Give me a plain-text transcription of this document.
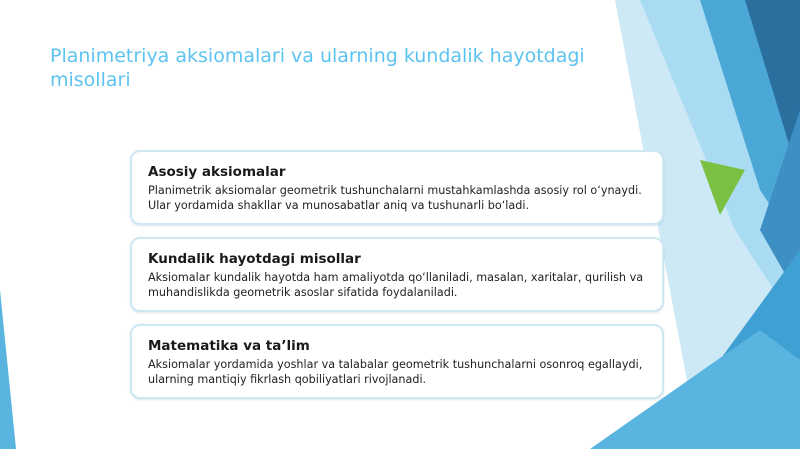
Planimetriya aksiomalari va ularning kundalik hayotdagi misollari
Asosiy aksiomalar
Planimetrik aksiomalar geometrik tushunchalarni mustahkamlashda asosiy rol o‘ynaydi. Ular yordamida shakllar va munosabatlar aniq va tushunarli bo‘ladi.
Kundalik hayotdagi misollar
Aksiomalar kundalik hayotda ham amaliyotda qo‘llaniladi, masalan, xaritalar, qurilish va muhandislikda geometrik asoslar sifatida foydalaniladi.
Matematika va ta’lim
Aksiomalar yordamida yoshlar va talabalar geometrik tushunchalarni osonroq egallaydi, ularning mantiqiy fikrlash qobiliyatlari rivojlanadi.
